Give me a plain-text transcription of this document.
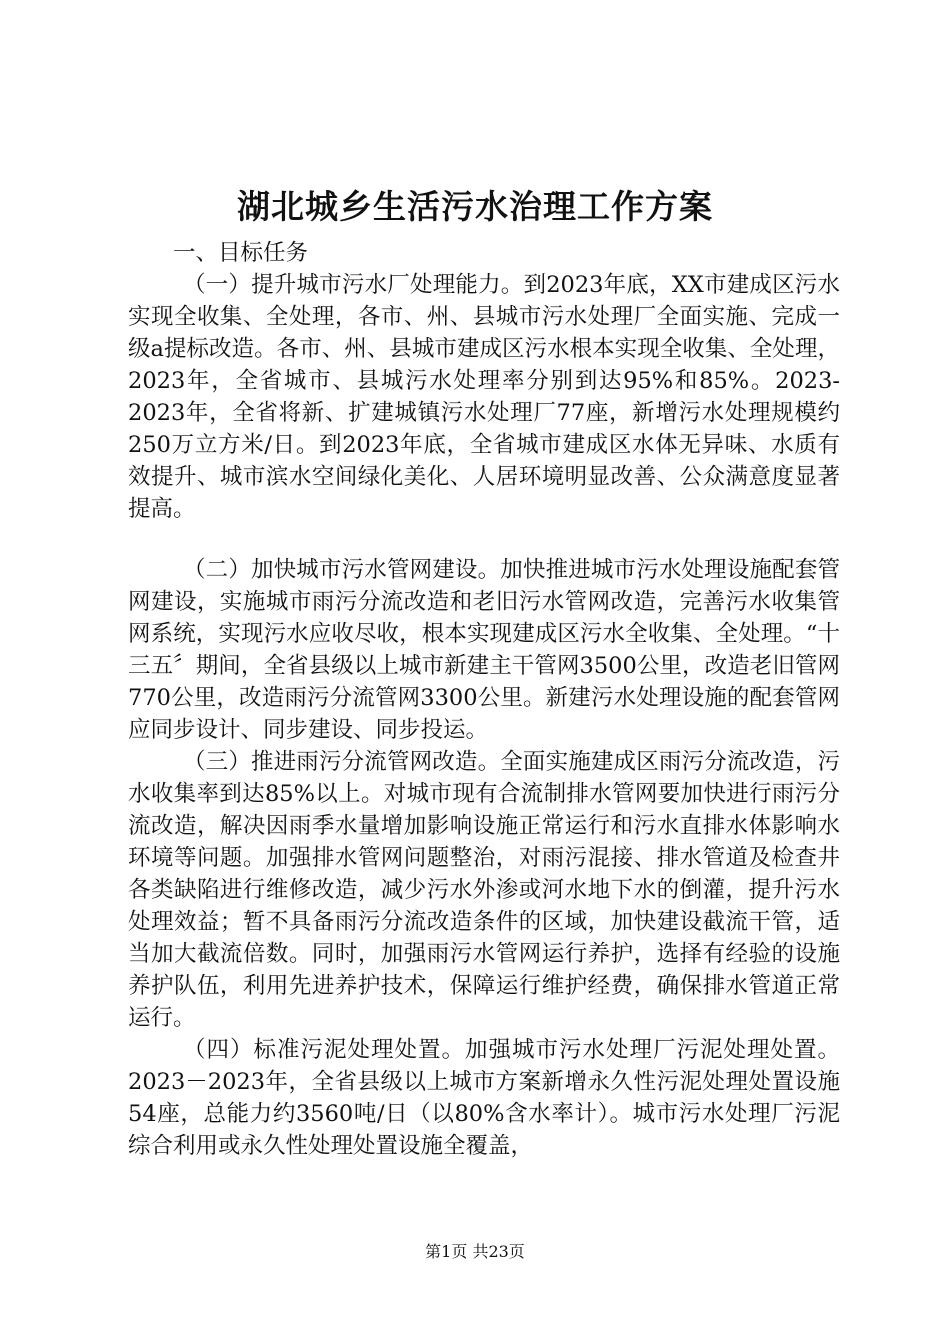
湖北城乡生活污水治理工作方案

一、目标任务

（一）提升城市污水厂处理能力。到2023年底，XX市建成区污水实现全收集、全处理，各市、州、县城市污水处理厂全面实施、完成一级a提标改造。各市、州、县城市建成区污水根本实现全收集、全处理，2023年，全省城市、县城污水处理率分别到达95%和85%。2023-2023年，全省将新、扩建城镇污水处理厂77座，新增污水处理规模约250万立方米/日。到2023年底，全省城市建成区水体无异味、水质有效提升、城市滨水空间绿化美化、人居环境明显改善、公众满意度显著提高。

（二）加快城市污水管网建设。加快推进城市污水处理设施配套管网建设，实施城市雨污分流改造和老旧污水管网改造，完善污水收集管网系统，实现污水应收尽收，根本实现建成区污水全收集、全处理。“十三五〞期间，全省县级以上城市新建主干管网3500公里，改造老旧管网770公里，改造雨污分流管网3300公里。新建污水处理设施的配套管网应同步设计、同步建设、同步投运。

（三）推进雨污分流管网改造。全面实施建成区雨污分流改造，污水收集率到达85%以上。对城市现有合流制排水管网要加快进行雨污分流改造，解决因雨季水量增加影响设施正常运行和污水直排水体影响水环境等问题。加强排水管网问题整治，对雨污混接、排水管道及检查井各类缺陷进行维修改造，减少污水外渗或河水地下水的倒灌，提升污水处理效益；暂不具备雨污分流改造条件的区域，加快建设截流干管，适当加大截流倍数。同时，加强雨污水管网运行养护，选择有经验的设施养护队伍，利用先进养护技术，保障运行维护经费，确保排水管道正常运行。

（四）标准污泥处理处置。加强城市污水处理厂污泥处理处置。2023－2023年，全省县级以上城市方案新增永久性污泥处理处置设施54座，总能力约3560吨/日（以80%含水率计）。城市污水处理厂污泥综合利用或永久性处理处置设施全覆盖，

第1页 共23页
